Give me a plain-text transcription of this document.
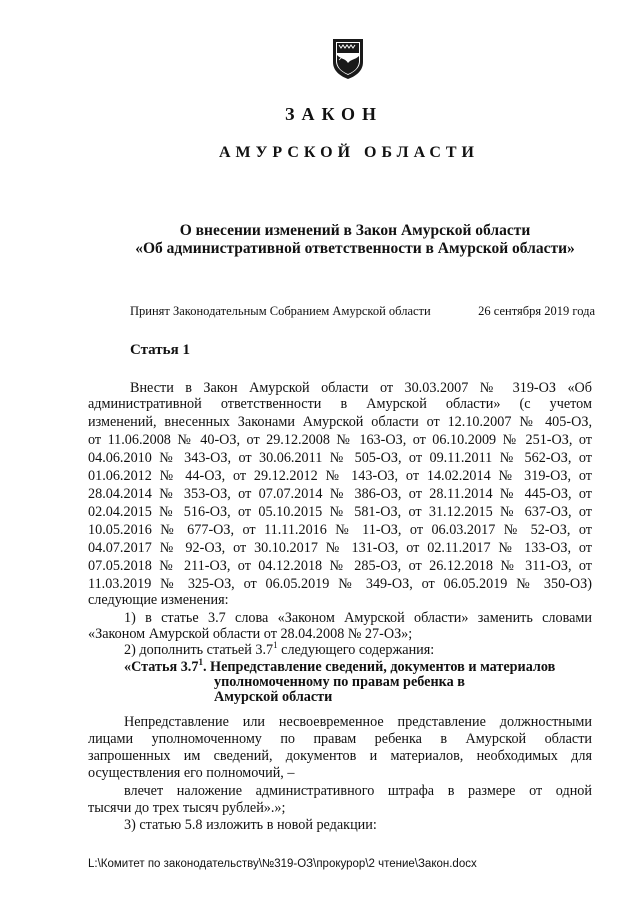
ЗАКОН
АМУРСКОЙ ОБЛАСТИ
О внесении изменений в Закон Амурской области
«Об административной ответственности в Амурской области»
Принят Законодательным Собранием Амурской области	26 сентября 2019 года
Статья 1
Внести в Закон Амурской области от 30.03.2007 № 319-ОЗ «Об
административной ответственности в Амурской области» (с учетом
изменений, внесенных Законами Амурской области от 12.10.2007 № 405-ОЗ,
от 11.06.2008 № 40-ОЗ, от 29.12.2008 № 163-ОЗ, от 06.10.2009 № 251-ОЗ, от
04.06.2010 № 343-ОЗ, от 30.06.2011 № 505-ОЗ, от 09.11.2011 № 562-ОЗ, от
01.06.2012 № 44-ОЗ, от 29.12.2012 № 143-ОЗ, от 14.02.2014 № 319-ОЗ, от
28.04.2014 № 353-ОЗ, от 07.07.2014 № 386-ОЗ, от 28.11.2014 № 445-ОЗ, от
02.04.2015 № 516-ОЗ, от 05.10.2015 № 581-ОЗ, от 31.12.2015 № 637-ОЗ, от
10.05.2016 № 677-ОЗ, от 11.11.2016 № 11-ОЗ, от 06.03.2017 № 52-ОЗ, от
04.07.2017 № 92-ОЗ, от 30.10.2017 № 131-ОЗ, от 02.11.2017 № 133-ОЗ, от
07.05.2018 № 211-ОЗ, от 04.12.2018 № 285-ОЗ, от 26.12.2018 № 311-ОЗ, от
11.03.2019 № 325-ОЗ, от 06.05.2019 № 349-ОЗ, от 06.05.2019 № 350-ОЗ)
следующие изменения:
1) в статье 3.7 слова «Законом Амурской области» заменить словами
«Законом Амурской области от 28.04.2008 № 27-ОЗ»;
2) дополнить статьей $3.7^1$ следующего содержания:
«Статья $3.7^1$. Непредставление сведений, документов и материалов
уполномоченному по правам ребенка в
Амурской области
Непредставление или несвоевременное представление должностными
лицами уполномоченному по правам ребенка в Амурской области
запрошенных им сведений, документов и материалов, необходимых для
осуществления его полномочий, –
влечет наложение административного штрафа в размере от одной
тысячи до трех тысяч рублей».»;
3) статью 5.8 изложить в новой редакции:
L:\Комитет по законодательству\№319-ОЗ\прокурор\2 чтение\Закон.docx
